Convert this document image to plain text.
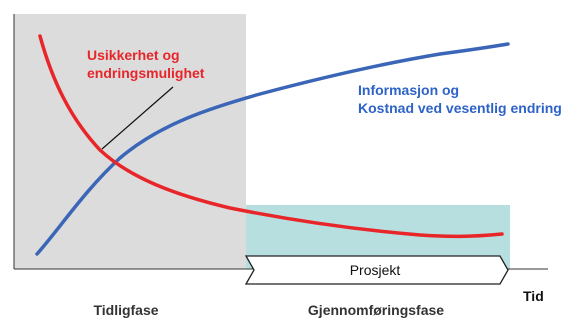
Usikkerhet og
endringsmulighet
Informasjon og
Kostnad ved vesentlig endring
Prosjekt
Tid
Tidligfase	Gjennomføringsfase
